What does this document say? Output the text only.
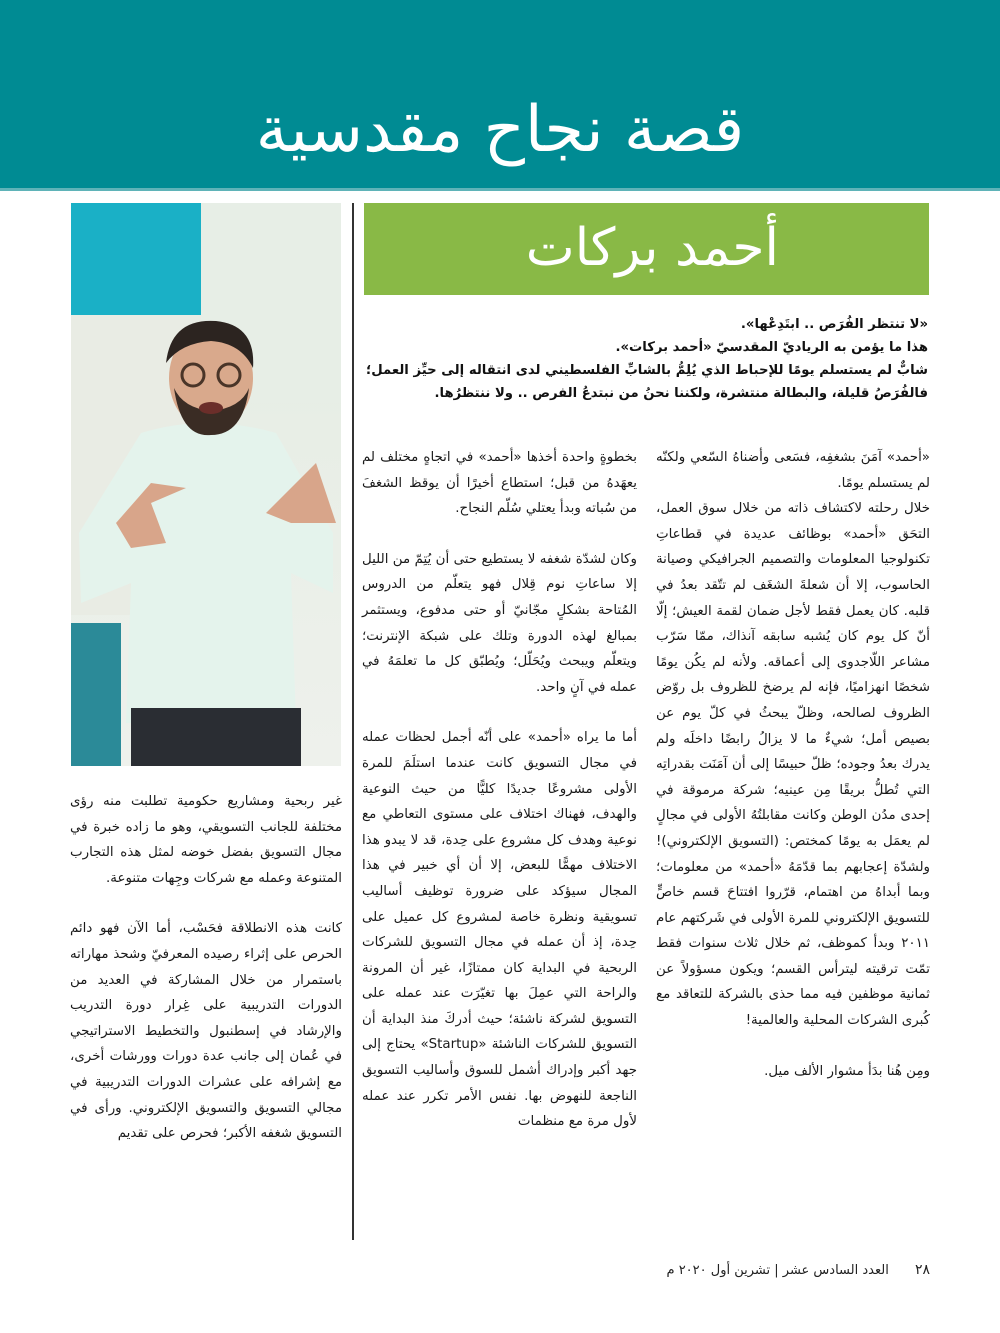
قصة نجاح مقدسية
أحمد بركات

«لا تنتظر الفُرَص .. ابتَدِعْها».

هذا ما يؤمن به الرياديّ المقدسيّ «أحمد بركات».

شابٌّ لم يستسلم يومًا للإحباط الذي يُلِمُّ بالشابِّ الفلسطيني لدى انتقاله إلى حيِّز العمل؛ فالفُرَصُ قليلة، والبطالة منتشرة، ولكننا نحنُ من نبتدعُ الفرص .. ولا ننتظرُها.

«أحمد» آمَنَ بشغفِه، فسَعى وأضناهُ السّعي ولكنّه لم يستسلم يومًا.
خلال رحلته لاكتشاف ذاته من خلال سوق العمل، التحَق «أحمد» بوظائف عديدة في قطاعاتِ تكنولوجيا المعلومات والتصميم الجرافيكي وصيانة الحاسوب، إلا أن شعلةَ الشغَف لم تتّقد بعدُ في قلبه. كان يعمل فقط لأجل ضمان لقمة العيش؛ إلّا أنّ كل يوم كان يُشبه سابقه آنذاك، ممّا سَرّب مشاعر اللّاجدوى إلى أعماقه. ولأنه لم يكُن يومًا شخصًا انهزاميًا، فإنه لم يرضخ للظروف بل روّض الظروف لصالحه، وظلّ يبحثُ في كلّ يوم عن بصيص أمل؛ شيءٌ ما لا يزالُ رابضًا داخلَه ولم يدرك بعدُ وجوده؛ ظلّ حبيسًا إلى أن آمَنَت بقدراتِه التي تُطلُّ بريقًا مِن عينيه؛ شركة مرموقة في إحدى مدُن الوطن وكانت مقابلتُهُ الأولى في مجالٍ لم يعمَل به يومًا كمختص: (التسويق الإلكتروني)! ولشدّة إعجابهم بما قدّمَهُ «أحمد» من معلومات؛ وبما أبداهُ من اهتمام، قرّروا افتتاحَ قسم خاصٍّ للتسويق الإلكتروني للمرة الأولى في شَركتهم عام ٢٠١١ وبدأ كموظف، ثم خلال ثلاث سنوات فقط تمّت ترقيته ليترأس القسم؛ ويكون مسؤولاً عن ثمانية موظفين فيه مما حذى بالشركة للتعاقد مع كُبرى الشركات المحلية والعالمية!

ومِن هُنا بدَأ مشوار الألف ميل.

بخطوةٍ واحدة أخذها «أحمد» في اتجاهٍ مختلف لم يعهَدهُ من قبل؛ استطاع أخيرًا أن يوقظ الشغفَ من سُباته وبدأ يعتلي سُلّم النجاح.

وكان لشدّة شغفه لا يستطيع حتى أن يُتِمّ من الليل إلا ساعاتِ نوم قِلال فهو يتعلّم من الدروس المُتاحة بشكلٍ مجّانيّ أو حتى مدفوع، ويستثمر بمبالغ لهذه الدورة وتلك على شبكة الإنترنت؛ ويتعلّم ويبحث ويُحَلّل؛ ويُطبّق كل ما تعلمَهُ في عمله في آنٍ واحد.

أما ما يراه «أحمد» على أنّه أجمل لحظات عمله في مجال التسويق كانت عندما استلَمَ للمرة الأولى مشروعًا جديدًا كليًّا من حيث النوعية والهدف، فهناك اختلاف على مستوى التعاطي مع نوعية وهدف كل مشروع على حِدة، قد لا يبدو هذا الاختلاف مهمًّا للبعض، إلا أن أي خبير في هذا المجال سيؤكد على ضرورة توظيف أساليب تسويقية ونظرة خاصة لمشروع كل عميل على حِدة، إذ أن عمله في مجال التسويق للشركات الربحية في البداية كان ممتازًا، غير أن المرونة والراحة التي عمِلَ بها تغيّرَت عند عمله على التسويق لشركة ناشئة؛ حيث أدركَ منذ البداية أن التسويق للشركات الناشئة «Startup» يحتاج إلى جهد أكبر وإدراك أشمل للسوق وأساليب التسويق الناجعة للنهوض بها. نفس الأمر تكرر عند عمله لأول مرة مع منظمات

غير ربحية ومشاريع حكومية تطلبت منه رؤى مختلفة للجانب التسويقي، وهو ما زاده خبرة في مجال التسويق بفضل خوضه لمثل هذه التجارب المتنوعة وعمله مع شركات وجِهات متنوعة.

كانت هذه الانطلاقة فحَسْب، أما الآن فهو دائم الحرص على إثراء رصيده المعرفيّ وشحذ مهاراته باستمرار من خلال المشاركة في العديد من الدورات التدريبية على غِرار دورة التدريب والإرشاد في إسطنبول والتخطيط الاستراتيجي في عُمان إلى جانب عدة دورات وورشات أخرى، مع إشرافه على عشرات الدورات التدريبية في مجالي التسويق والتسويق الإلكتروني. ورأى في التسويق شغفه الأكبر؛ فحرص على تقديم

٢٨ العدد السادس عشر | تشرين أول ٢٠٢٠ م
